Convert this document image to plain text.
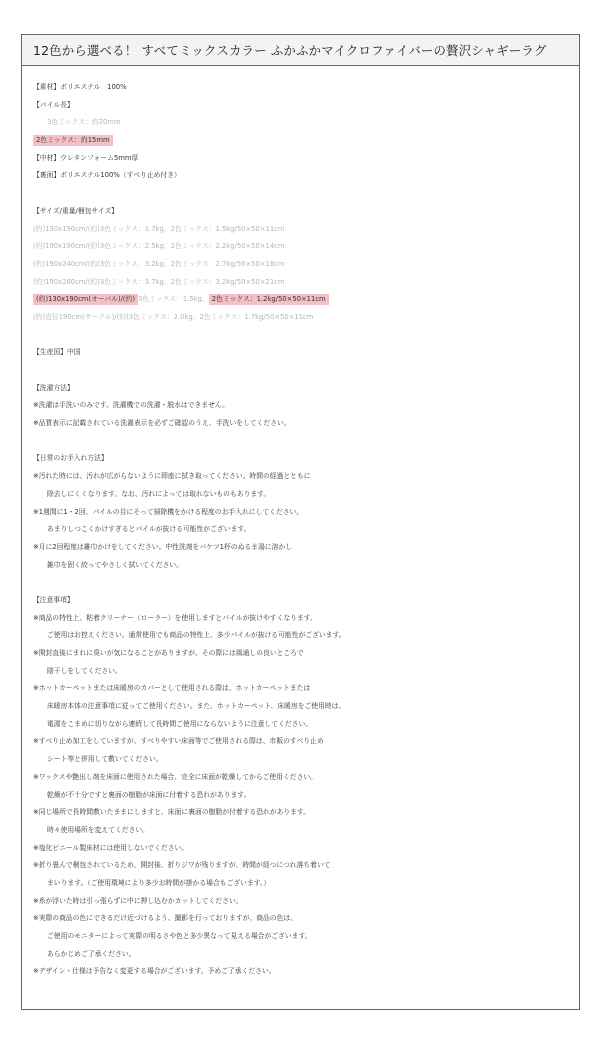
12色から選べる！ すべてミックスカラー ふかふかマイクロファイバーの贅沢シャギーラグ
【素材】ポリエステル　100%
【パイル長】
3色ミックス：約20mm
2色ミックス：約15mm
【中材】ウレタンフォーム5mm厚
【裏面】ポリエステル100%（すべり止め付き）
【サイズ/重量/梱包サイズ】
(約)130x190cm/(約)3色ミックス：1.7kg、2色ミックス：1.5kg/50×50×11cm
(約)190x190cm/(約)3色ミックス：2.5kg、2色ミックス：2.2kg/50×50×14cm
(約)190x240cm/(約)3色ミックス：3.2kg、2色ミックス：2.7kg/50×50×18cm
(約)190x280cm/(約)3色ミックス：3.7kg、2色ミックス：3.2kg/50×50×21cm
(約)130x190cm(オーバル)/(約) 3色ミックス：1.5kg、 2色ミックス：1.2kg/50×50×11cm
(約)直径190cm(サークル)/(約)3色ミックス：2.0kg、2色ミックス：1.7kg/50×50×11cm
【生産国】中国
【洗濯方法】
※洗濯は手洗いのみです。洗濯機での洗濯・脱水はできません。
※品質表示に記載されている洗濯表示を必ずご確認のうえ、手洗いをしてください。
【日常のお手入れ方法】
※汚れた時には、汚れが広がらないように即座に拭き取ってください。時間の経過とともに
除去しにくくなります。なお、汚れによっては取れないものもあります。
※1週間に1・2回、パイルの目にそって掃除機をかける程度のお手入れにしてください。
あまりしつこくかけすぎるとパイルが抜ける可能性がございます。
※月に2回程度は雑巾かけをしてください。中性洗剤をバケツ1杯のぬるま湯に溶かし
雑巾を固く絞ってやさしく拭いてください。
【注意事項】
※商品の特性上、粘着クリーナー（ローラー）を使用しますとパイルが抜けやすくなります。
ご使用はお控えください。通常使用でも商品の特性上、多少パイルが抜ける可能性がございます。
※開封直後にまれに臭いが気になることがありますが、その際には風通しの良いところで
陰干しをしてください。
※ホットカーペットまたは床暖房のカバーとして使用される際は、ホットカーペットまたは
床暖房本体の注意事項に従ってご使用ください。また、ホットカーペット、床暖房をご使用時は、
電源をこまめに切りながら連続して長時間ご使用にならないように注意してください。
※すべり止め加工をしていますが、すべりやすい床面等でご使用される際は、市販のすべり止め
シート等と併用して敷いてください。
※ワックスや艶出し剤を床面に使用された場合、完全に床面が乾燥してからご使用ください。
乾燥が不十分ですと裏面の樹脂が床面に付着する恐れがあります。
※同じ場所で長時間敷いたままにしますと、床面に裏面の樹脂が付着する恐れがあります。
時々使用場所を変えてください。
※塩化ビニール製床材には使用しないでください。
※折り畳んで梱包されているため、開封後、折りジワが残りますが、時間が経つにつれ落ち着いて
まいります。（ご使用環境により多少お時間が掛かる場合もございます。）
※糸が浮いた時は引っ張らずに中に押し込むかカットしてください。
※実際の商品の色にできるだけ近づけるよう、撮影を行っておりますが、商品の色は、
ご使用のモニターによって実際の明るさや色と多少異なって見える場合がございます。
あらかじめご了承ください。
※デザイン・仕様は予告なく変更する場合がございます。予めご了承ください。
